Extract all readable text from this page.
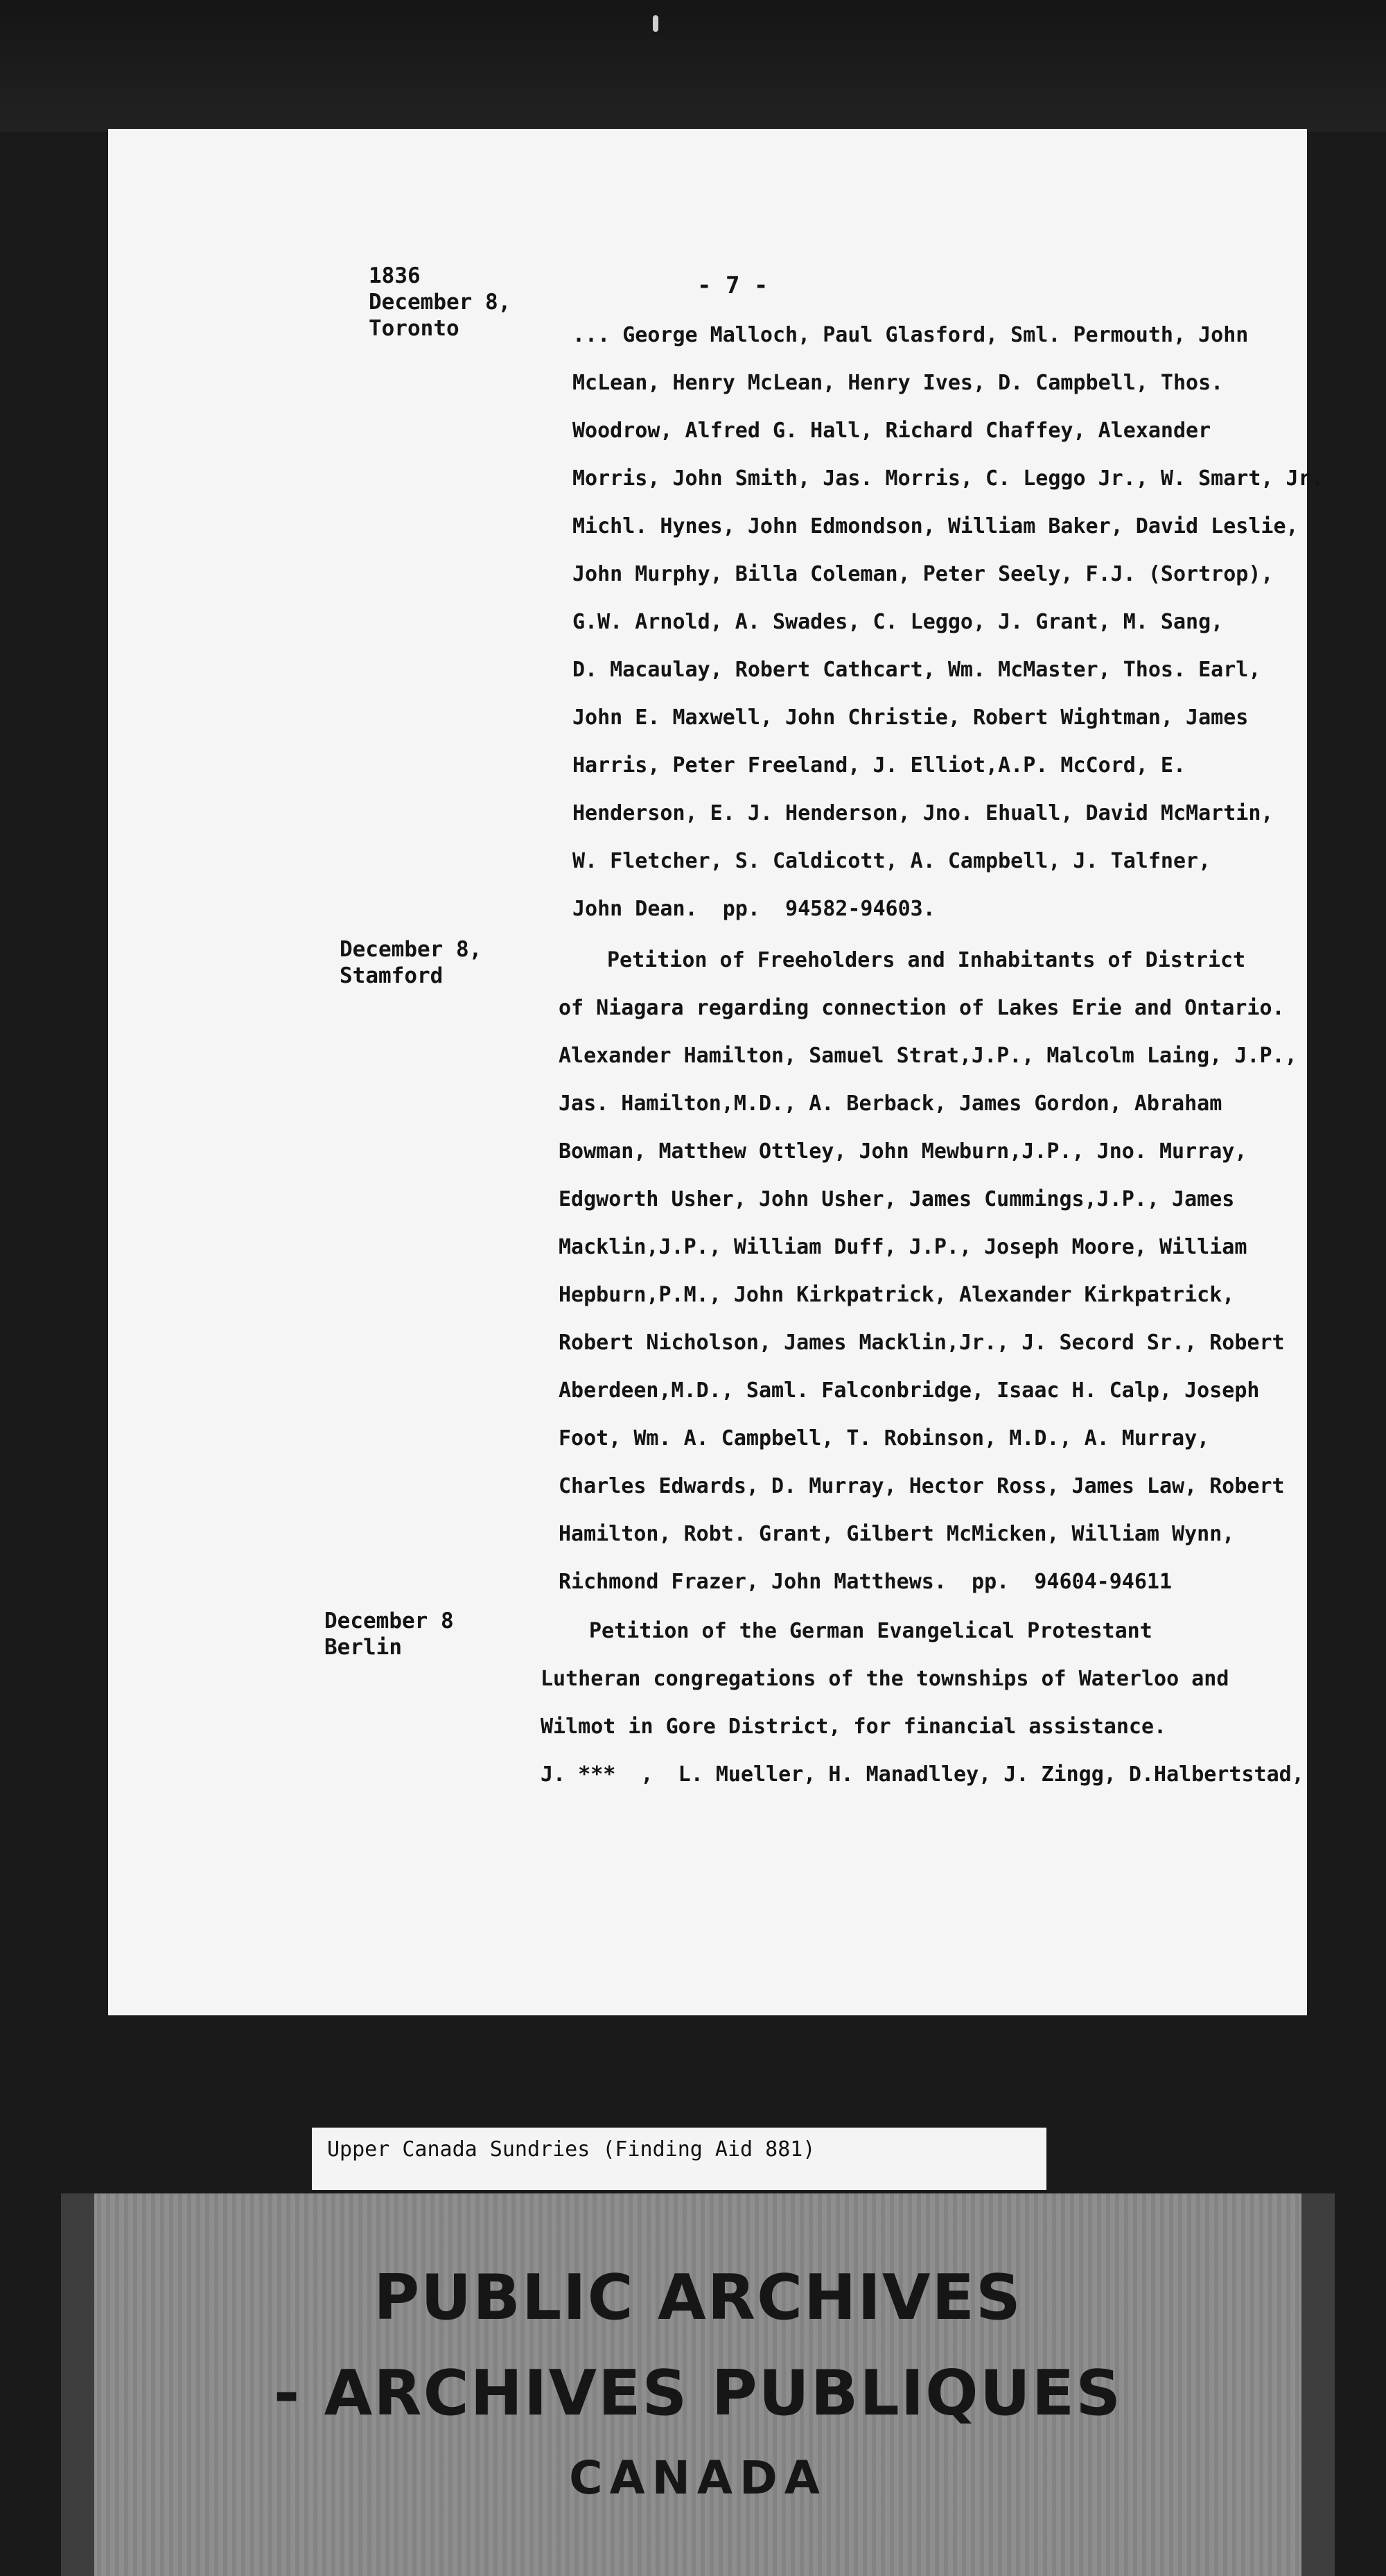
- 7 -
1836
December 8,
Toronto	... George Malloch, Paul Glasford, Sml. Permouth, John
McLean, Henry McLean, Henry Ives, D. Campbell, Thos.
Woodrow, Alfred G. Hall, Richard Chaffey, Alexander
Morris, John Smith, Jas. Morris, C. Leggo Jr., W. Smart, Jr.
Michl. Hynes, John Edmondson, William Baker, David Leslie,
John Murphy, Billa Coleman, Peter Seely, F.J. (Sortrop),
G.W. Arnold, A. Swades, C. Leggo, J. Grant, M. Sang,
D. Macaulay, Robert Cathcart, Wm. McMaster, Thos. Earl,
John E. Maxwell, John Christie, Robert Wightman, James
Harris, Peter Freeland, J. Elliot,A.P. McCord, E.
Henderson, E. J. Henderson, Jno. Ehuall, David McMartin,
W. Fletcher, S. Caldicott, A. Campbell, J. Talfner,
John Dean.  pp.  94582-94603.
December 8,
Stamford
Petition of Freeholders and Inhabitants of District
of Niagara regarding connection of Lakes Erie and Ontario.
Alexander Hamilton, Samuel Strat,J.P., Malcolm Laing, J.P.,
Jas. Hamilton,M.D., A. Berback, James Gordon, Abraham
Bowman, Matthew Ottley, John Mewburn,J.P., Jno. Murray,
Edgworth Usher, John Usher, James Cummings,J.P., James
Macklin,J.P., William Duff, J.P., Joseph Moore, William
Hepburn,P.M., John Kirkpatrick, Alexander Kirkpatrick,
Robert Nicholson, James Macklin,Jr., J. Secord Sr., Robert
Aberdeen,M.D., Saml. Falconbridge, Isaac H. Calp, Joseph
Foot, Wm. A. Campbell, T. Robinson, M.D., A. Murray,
Charles Edwards, D. Murray, Hector Ross, James Law, Robert
Hamilton, Robt. Grant, Gilbert McMicken, William Wynn,
Richmond Frazer, John Matthews.  pp.  94604-94611
December 8
Berlin
Petition of the German Evangelical Protestant
Lutheran congregations of the townships of Waterloo and
Wilmot in Gore District, for financial assistance.
J. ***  ,  L. Mueller, H. Manadlley, J. Zingg, D.Halbertstad,
Upper Canada Sundries (Finding Aid 881)
PUBLIC ARCHIVES
- ARCHIVES PUBLIQUES
CANADA
